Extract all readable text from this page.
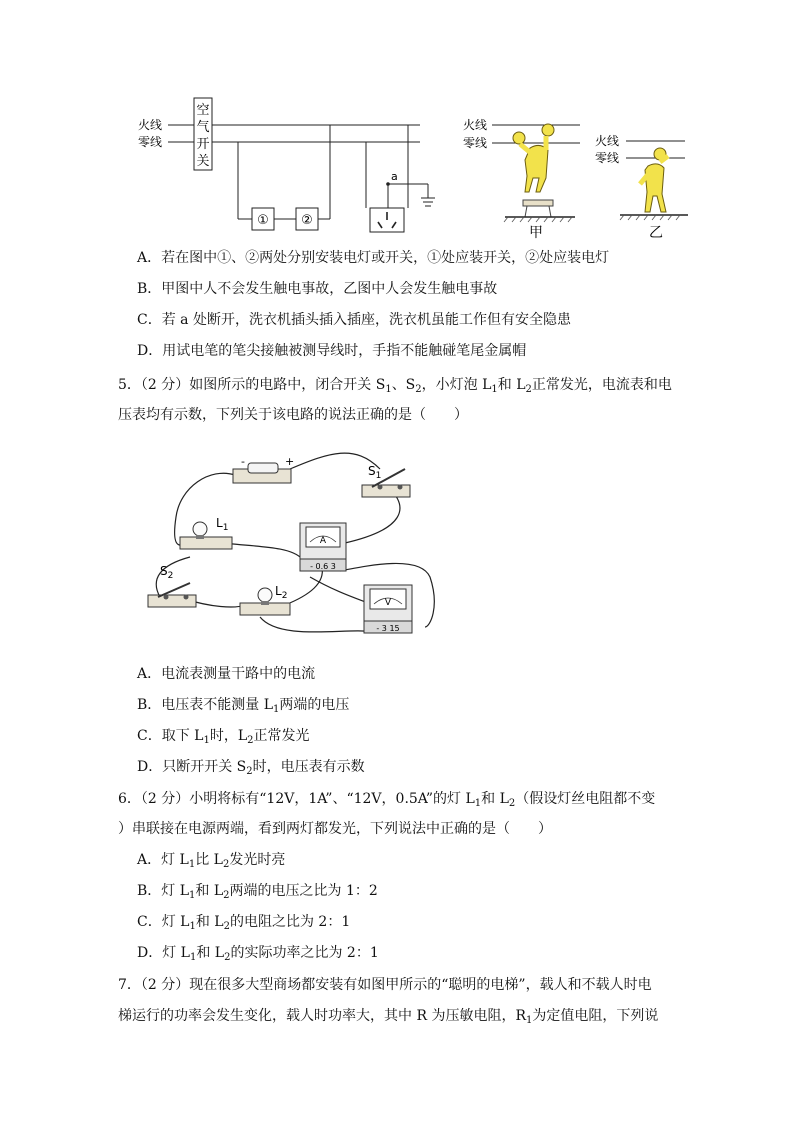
空
气
开
关
火线
零线
① ②
a
火线
零线
甲
火线
零线
乙
A．若在图中①、②两处分别安装电灯或开关，①处应装开关，②处应装电灯
B．甲图中人不会发生触电事故，乙图中人会发生触电事故
C．若 a 处断开，洗衣机插头插入插座，洗衣机虽能工作但有安全隐患
D．用试电笔的笔尖接触被测导线时，手指不能触碰笔尾金属帽
5．（2 分）如图所示的电路中，闭合开关 $S_1$、$S_2$，小灯泡 $L_1$和 $L_2$正常发光，电流表和电
压表均有示数，下列关于该电路的说法正确的是（　　）
-	+
$S_1$
$L_1$
A
- 0.6 3
$S_2$
$L_2$
V
- 3 15
A．电流表测量干路中的电流
B．电压表不能测量 $L_1$两端的电压
C．取下 $L_1$时，$L_2$正常发光
D．只断开开关 $S_2$时，电压表有示数
6．（2 分）小明将标有“12V，1A”、“12V，0.5A”的灯 $L_1$和 $L_2$（假设灯丝电阻都不变
）串联接在电源两端，看到两灯都发光，下列说法中正确的是（　　）
A．灯 $L_1$比 $L_2$发光时亮
B．灯 $L_1$和 $L_2$两端的电压之比为 1：2
C．灯 $L_1$和 $L_2$的电阻之比为 2：1
D．灯 $L_1$和 $L_2$的实际功率之比为 2：1
7．（2 分）现在很多大型商场都安装有如图甲所示的“聪明的电梯”，载人和不载人时电
梯运行的功率会发生变化，载人时功率大，其中 R 为压敏电阻，$R_1$为定值电阻，下列说
